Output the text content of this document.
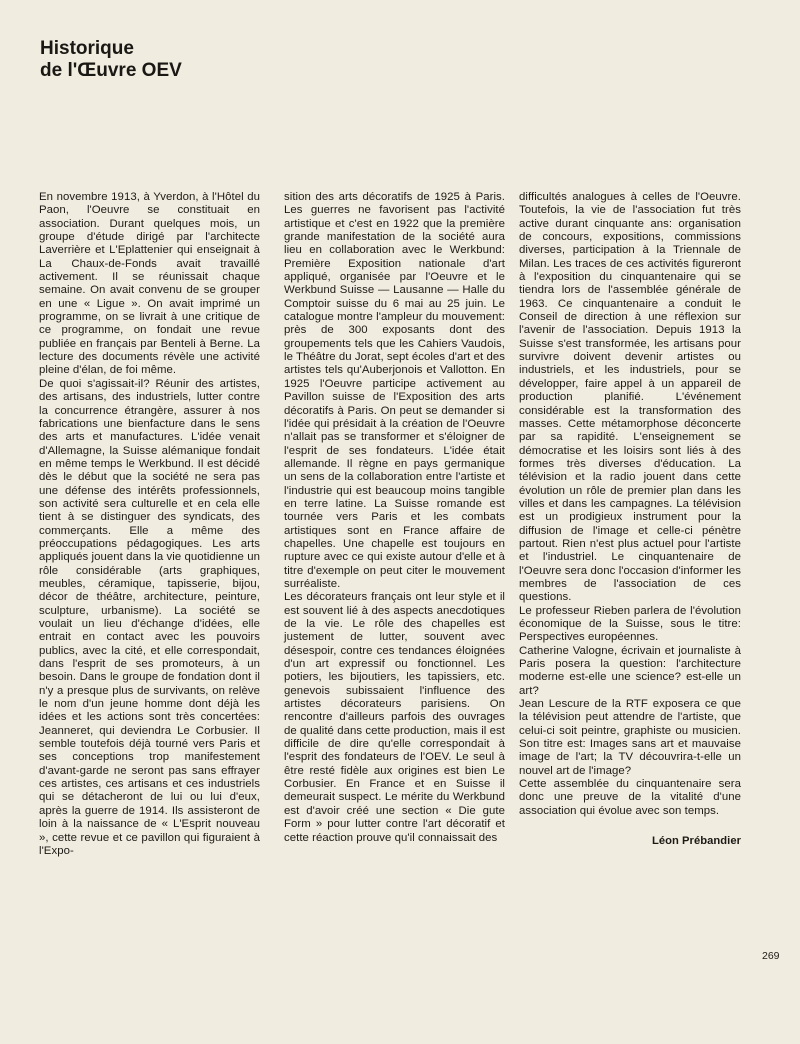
Historique
de l'Œuvre OEV

En novembre 1913, à Yverdon, à l'Hôtel du Paon, l'Oeuvre se constituait en association. Durant quelques mois, un groupe d'étude dirigé par l'architecte Laverrière et L'Eplattenier qui enseignait à La Chaux-de-Fonds avait travaillé activement. Il se réunissait chaque semaine. On avait convenu de se grouper en une « Ligue ». On avait imprimé un programme, on se livrait à une critique de ce programme, on fondait une revue publiée en français par Benteli à Berne. La lecture des documents révèle une activité pleine d'élan, de foi même.

De quoi s'agissait-il? Réunir des artistes, des artisans, des industriels, lutter contre la concurrence étrangère, assurer à nos fabrications une bienfacture dans le sens des arts et manufactures. L'idée venait d'Allemagne, la Suisse alémanique fondait en même temps le Werkbund. Il est décidé dès le début que la société ne sera pas une défense des intérêts professionnels, son activité sera culturelle et en cela elle tient à se distinguer des syndicats, des commerçants. Elle a même des préoccupations pédagogiques. Les arts appliqués jouent dans la vie quotidienne un rôle considérable (arts graphiques, meubles, céramique, tapisserie, bijou, décor de théâtre, architecture, peinture, sculpture, urbanisme). La société se voulait un lieu d'échange d'idées, elle entrait en contact avec les pouvoirs publics, avec la cité, et elle correspondait, dans l'esprit de ses promoteurs, à un besoin. Dans le groupe de fondation dont il n'y a presque plus de survivants, on relève le nom d'un jeune homme dont déjà les idées et les actions sont très concertées: Jeanneret, qui deviendra Le Corbusier. Il semble toutefois déjà tourné vers Paris et ses conceptions trop manifestement d'avant-garde ne seront pas sans effrayer ces artistes, ces artisans et ces industriels qui se détacheront de lui ou lui d'eux, après la guerre de 1914. Ils assisteront de loin à la naissance de « L'Esprit nouveau », cette revue et ce pavillon qui figuraient à l'Expo-

sition des arts décoratifs de 1925 à Paris. Les guerres ne favorisent pas l'activité artistique et c'est en 1922 que la première grande manifestation de la société aura lieu en collaboration avec le Werkbund: Première Exposition nationale d'art appliqué, organisée par l'Oeuvre et le Werkbund Suisse — Lausanne — Halle du Comptoir suisse du 6 mai au 25 juin. Le catalogue montre l'ampleur du mouvement: près de 300 exposants dont des groupements tels que les Cahiers Vaudois, le Théâtre du Jorat, sept écoles d'art et des artistes tels qu'Auberjonois et Vallotton. En 1925 l'Oeuvre participe activement au Pavillon suisse de l'Exposition des arts décoratifs à Paris. On peut se demander si l'idée qui présidait à la création de l'Oeuvre n'allait pas se transformer et s'éloigner de l'esprit de ses fondateurs. L'idée était allemande. Il règne en pays germanique un sens de la collaboration entre l'artiste et l'industrie qui est beaucoup moins tangible en terre latine. La Suisse romande est tournée vers Paris et les combats artistiques sont en France affaire de chapelles. Une chapelle est toujours en rupture avec ce qui existe autour d'elle et à titre d'exemple on peut citer le mouvement surréaliste.

Les décorateurs français ont leur style et il est souvent lié à des aspects anecdotiques de la vie. Le rôle des chapelles est justement de lutter, souvent avec désespoir, contre ces tendances éloignées d'un art expressif ou fonctionnel. Les potiers, les bijoutiers, les tapissiers, etc. genevois subissaient l'influence des artistes décorateurs parisiens. On rencontre d'ailleurs parfois des ouvrages de qualité dans cette production, mais il est difficile de dire qu'elle correspondait à l'esprit des fondateurs de l'OEV. Le seul à être resté fidèle aux origines est bien Le Corbusier. En France et en Suisse il demeurait suspect. Le mérite du Werkbund est d'avoir créé une section « Die gute Form » pour lutter contre l'art décoratif et cette réaction prouve qu'il connaissait des

difficultés analogues à celles de l'Oeuvre. Toutefois, la vie de l'association fut très active durant cinquante ans: organisation de concours, expositions, commissions diverses, participation à la Triennale de Milan. Les traces de ces activités figureront à l'exposition du cinquantenaire qui se tiendra lors de l'assemblée générale de 1963. Ce cinquantenaire a conduit le Conseil de direction à une réflexion sur l'avenir de l'association. Depuis 1913 la Suisse s'est transformée, les artisans pour survivre doivent devenir artistes ou industriels, et les industriels, pour se développer, faire appel à un appareil de production planifié. L'événement considérable est la transformation des masses. Cette métamorphose déconcerte par sa rapidité. L'enseignement se démocratise et les loisirs sont liés à des formes très diverses d'éducation. La télévision et la radio jouent dans cette évolution un rôle de premier plan dans les villes et dans les campagnes. La télévision est un prodigieux instrument pour la diffusion de l'image et celle-ci pénètre partout. Rien n'est plus actuel pour l'artiste et l'industriel. Le cinquantenaire de l'Oeuvre sera donc l'occasion d'informer les membres de l'association de ces questions.

Le professeur Rieben parlera de l'évolution économique de la Suisse, sous le titre: Perspectives européennes.

Catherine Valogne, écrivain et journaliste à Paris posera la question: l'architecture moderne est-elle une science? est-elle un art?

Jean Lescure de la RTF exposera ce que la télévision peut attendre de l'artiste, que celui-ci soit peintre, graphiste ou musicien. Son titre est: Images sans art et mauvaise image de l'art; la TV découvrira-t-elle un nouvel art de l'image?

Cette assemblée du cinquantenaire sera donc une preuve de la vitalité d'une association qui évolue avec son temps.

Léon Prébandier

269
